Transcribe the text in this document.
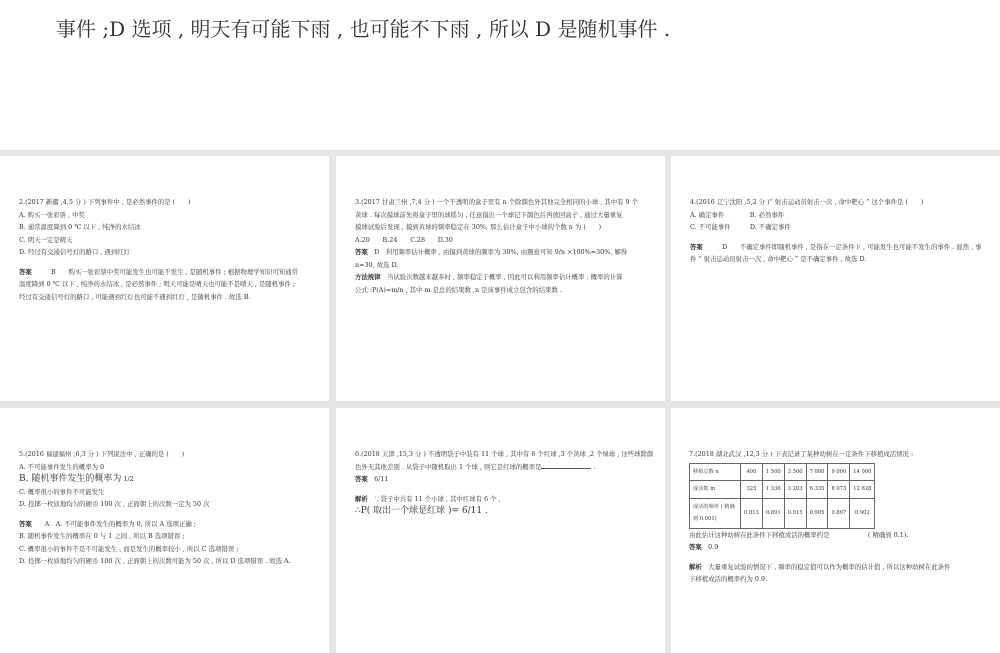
事件 ;D 选项 , 明天有可能下雨 , 也可能不下雨 , 所以 D 是随机事件 .

2.(2017 新疆 ,4,5 分 ) 下列事件中 , 是必然事件的是 (　　)

A. 购买一张彩票 , 中奖

B. 通常温度降到 0 ℃ 以下 , 纯净的水结冰

C. 明天一定是晴天

D. 经过有交通信号灯的路口 , 遇到红灯

答案　　　	B　　 购买一张彩票中奖可能发生也可能不发生 , 是随机事件 ; 根据物理学知识可知通常

温度降到 0 ℃ 以下 , 纯净的水结冰 , 是必然事件 ; 明天可能是晴天也可能不是晴天 , 是随机事件 ;

经过有交通信号灯的路口 , 可能遇到红灯也可能不遇到红灯 , 是随机事件 . 故选 B.

3.(2017 甘肃兰州 ,7,4 分 ) 一个不透明的盒子里有 n 个除颜色外其他完全相同的小球 , 其中有 9 个

黄球 . 每次摸球前先将盒子里的球摇匀 , 任意摸出一个球记下颜色后再放回盒子 , 通过大量重复

摸球试验后发现 , 摸到黄球的频率稳定在 30%, 那么估计盒子中小球的个数 n 为 (　　)

A.20　　B.24　　C.28　　D.30

答案　 D　 利用频率估计概率 , 由摸到黄球的频率为 30%, 由题意可知 9/n ×100%=30%, 解得

n=30, 故选 D.

方法规律　 当试验次数越来越多时 , 频率稳定于概率 , 因此可以利用频率估计概率 . 概率的计算

公式 :P(A)=m/n , 其中 m 是总的结果数 ,n 是该事件成立包含的结果数 .

4.(2016 辽宁沈阳 ,5,2 分 )“ 射击运动员射击一次 , 命中靶心 ” 这个事件是 (　　)

A. 确定事件　　　　B. 必然事件

C. 不可能事件　　　D. 不确定事件

答案　　　	D　　 不确定事件即随机事件 , 是指在一定条件下 , 可能发生也可能不发生的事件 . 显然 , 事

件 “ 射击运动员射击一次 , 命中靶心 ” 是不确定事件 , 故选 D.

5.(2016 福建福州 ,6,3 分 ) 下列说法中 , 正确的是 (　　)

A. 不可能事件发生的概率为 0

B. 随机事件发生的概率为 1/2

C. 概率很小的事件不可能发生

D. 投掷一枚质地均匀的硬币 100 次 , 正面朝上的次数一定为 50 次

答案　　 A　A. 不可能事件发生的概率为 0, 所以 A 选项正确 ;

B. 随机事件发生的概率在 0 与 1 之间 , 所以 B 选项错误 ;

C. 概率很小的事件不是不可能发生 , 而是发生的概率较小 , 所以 C 选项错误 ;

D. 投掷一枚质地均匀的硬币 100 次 , 正面朝上的次数可能为 50 次 , 所以 D 选项错误 . 故选 A.

6.(2018 天津 ,15,3 分 ) 不透明袋子中装有 11 个球 , 其中有 6 个红球 ,3 个黄球 ,2 个绿球 , 这些球除颜

色外无其他差别 . 从袋子中随机取出 1 个球 , 则它是红球的概率是	.

答案　 6/11

解析　 ∵袋子中共有 11 个小球 , 其中红球有 6 个 ,

∴P( 取出一个球是红球 )= 6/11 .

7.(2018 湖北武汉 ,12,3 分 ) 下表记录了某种幼树在一定条件下移植成活情况 :

移植总数 n	400	1 500	3 500	7 000	9 000	14 000
成活数 m	325	1 336	3 203	6 335	8 073	12 628
成活的频率 ( 精确到 0.001)	0.813	0.891	0.915	0.905	0.897	0.902

由此估计这种幼树在此条件下移植成活的概率约是　　　　　　( 精确到 0.1).

答案　 0.9

解析　 大量重复试验的情况下 , 频率的稳定值可以作为概率的估计值 , 所以这种幼树在此条件

下移植成活的概率约为 0.9.
